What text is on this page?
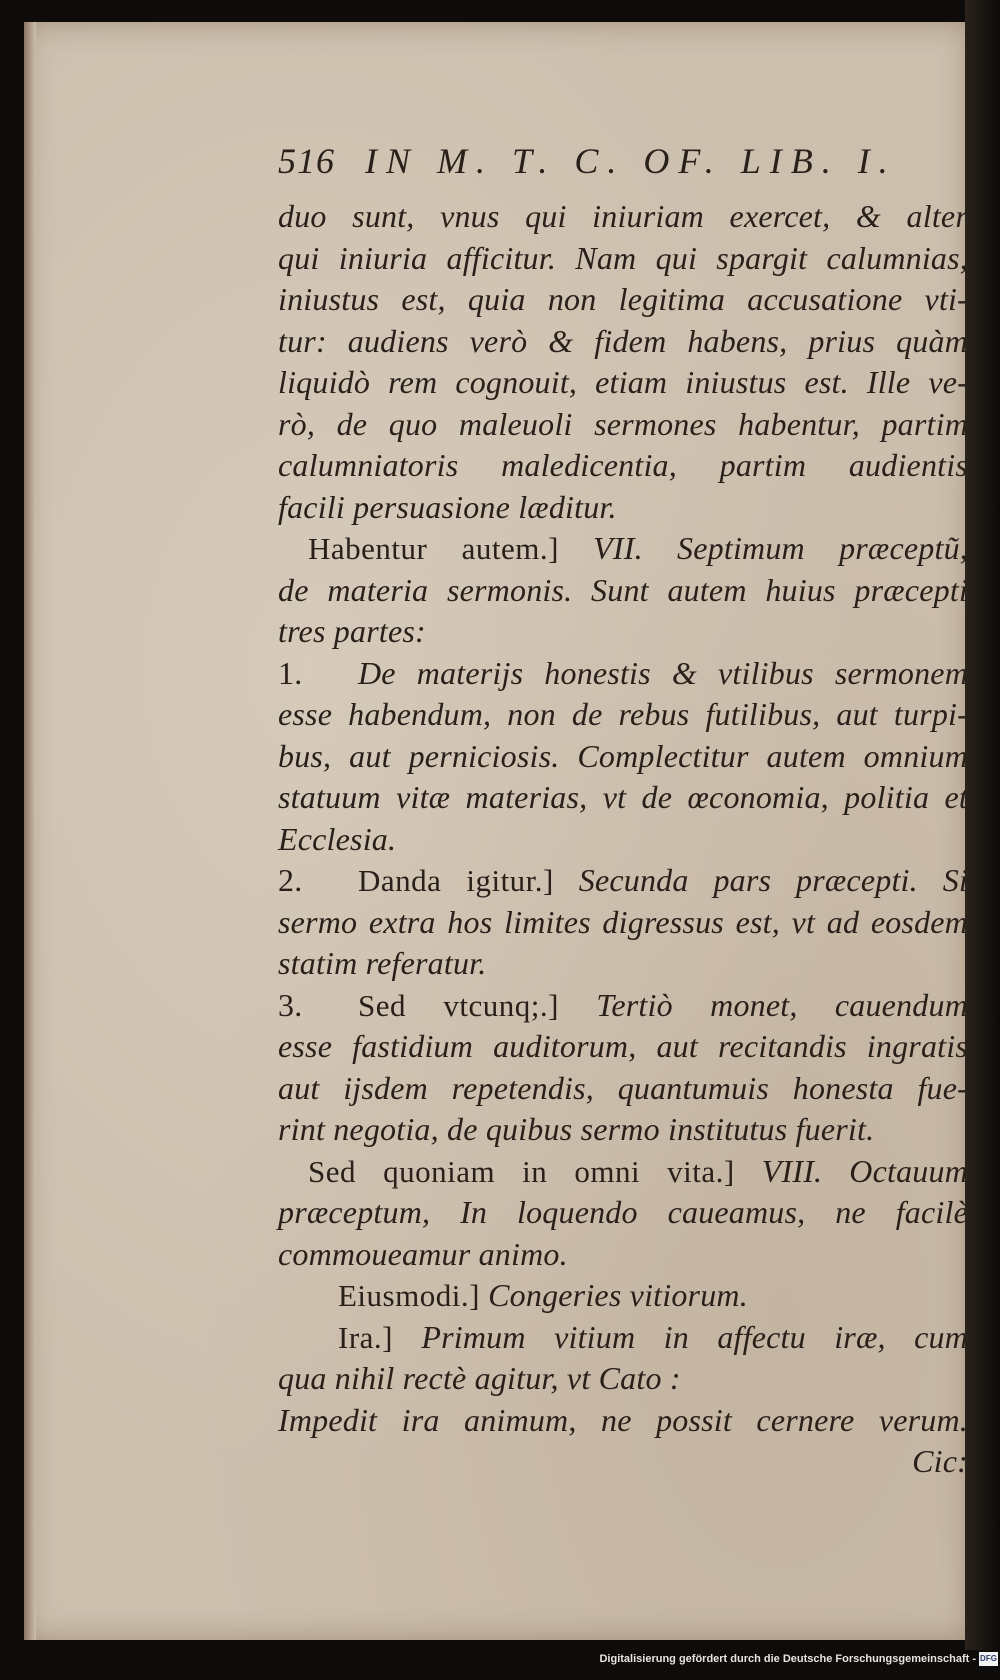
516 IN M. T. C. OF. LIB. I.
duo sunt, vnus qui iniuriam exercet, & alter
qui iniuria afficitur. Nam qui spargit calumnias,
iniustus est, quia non legitima accusatione vti-
tur: audiens verò & fidem habens, prius quàm
liquidò rem cognouit, etiam iniustus est. Ille ve-
rò, de quo maleuoli sermones habentur, partim
calumniatoris maledicentia, partim audientis
facili persuasione læditur.
Habentur autem.] VII. Septimum præceptũ,
de materia sermonis. Sunt autem huius præcepti
tres partes:
1. De materijs honestis & vtilibus sermonem
esse habendum, non de rebus futilibus, aut turpi-
bus, aut perniciosis. Complectitur autem omnium
statuum vitæ materias, vt de œconomia, politia et
Ecclesia.
2. Danda igitur.] Secunda pars præcepti. Si
sermo extra hos limites digressus est, vt ad eosdem
statim referatur.
3. Sed vtcunq;.] Tertiò monet, cauendum
esse fastidium auditorum, aut recitandis ingratis
aut ijsdem repetendis, quantumuis honesta fue-
rint negotia, de quibus sermo institutus fuerit.
Sed quoniam in omni vita.] VIII. Octauum
præceptum, In loquendo caueamus, ne facilè
commoueamur animo.
Eiusmodi.] Congeries vitiorum.
Ira.] Primum vitium in affectu iræ, cum
qua nihil rectè agitur, vt Cato :
Impedit ira animum, ne possit cernere verum.
Cic:
Digitalisierung gefördert durch die Deutsche Forschungsgemeinschaft - DFG
